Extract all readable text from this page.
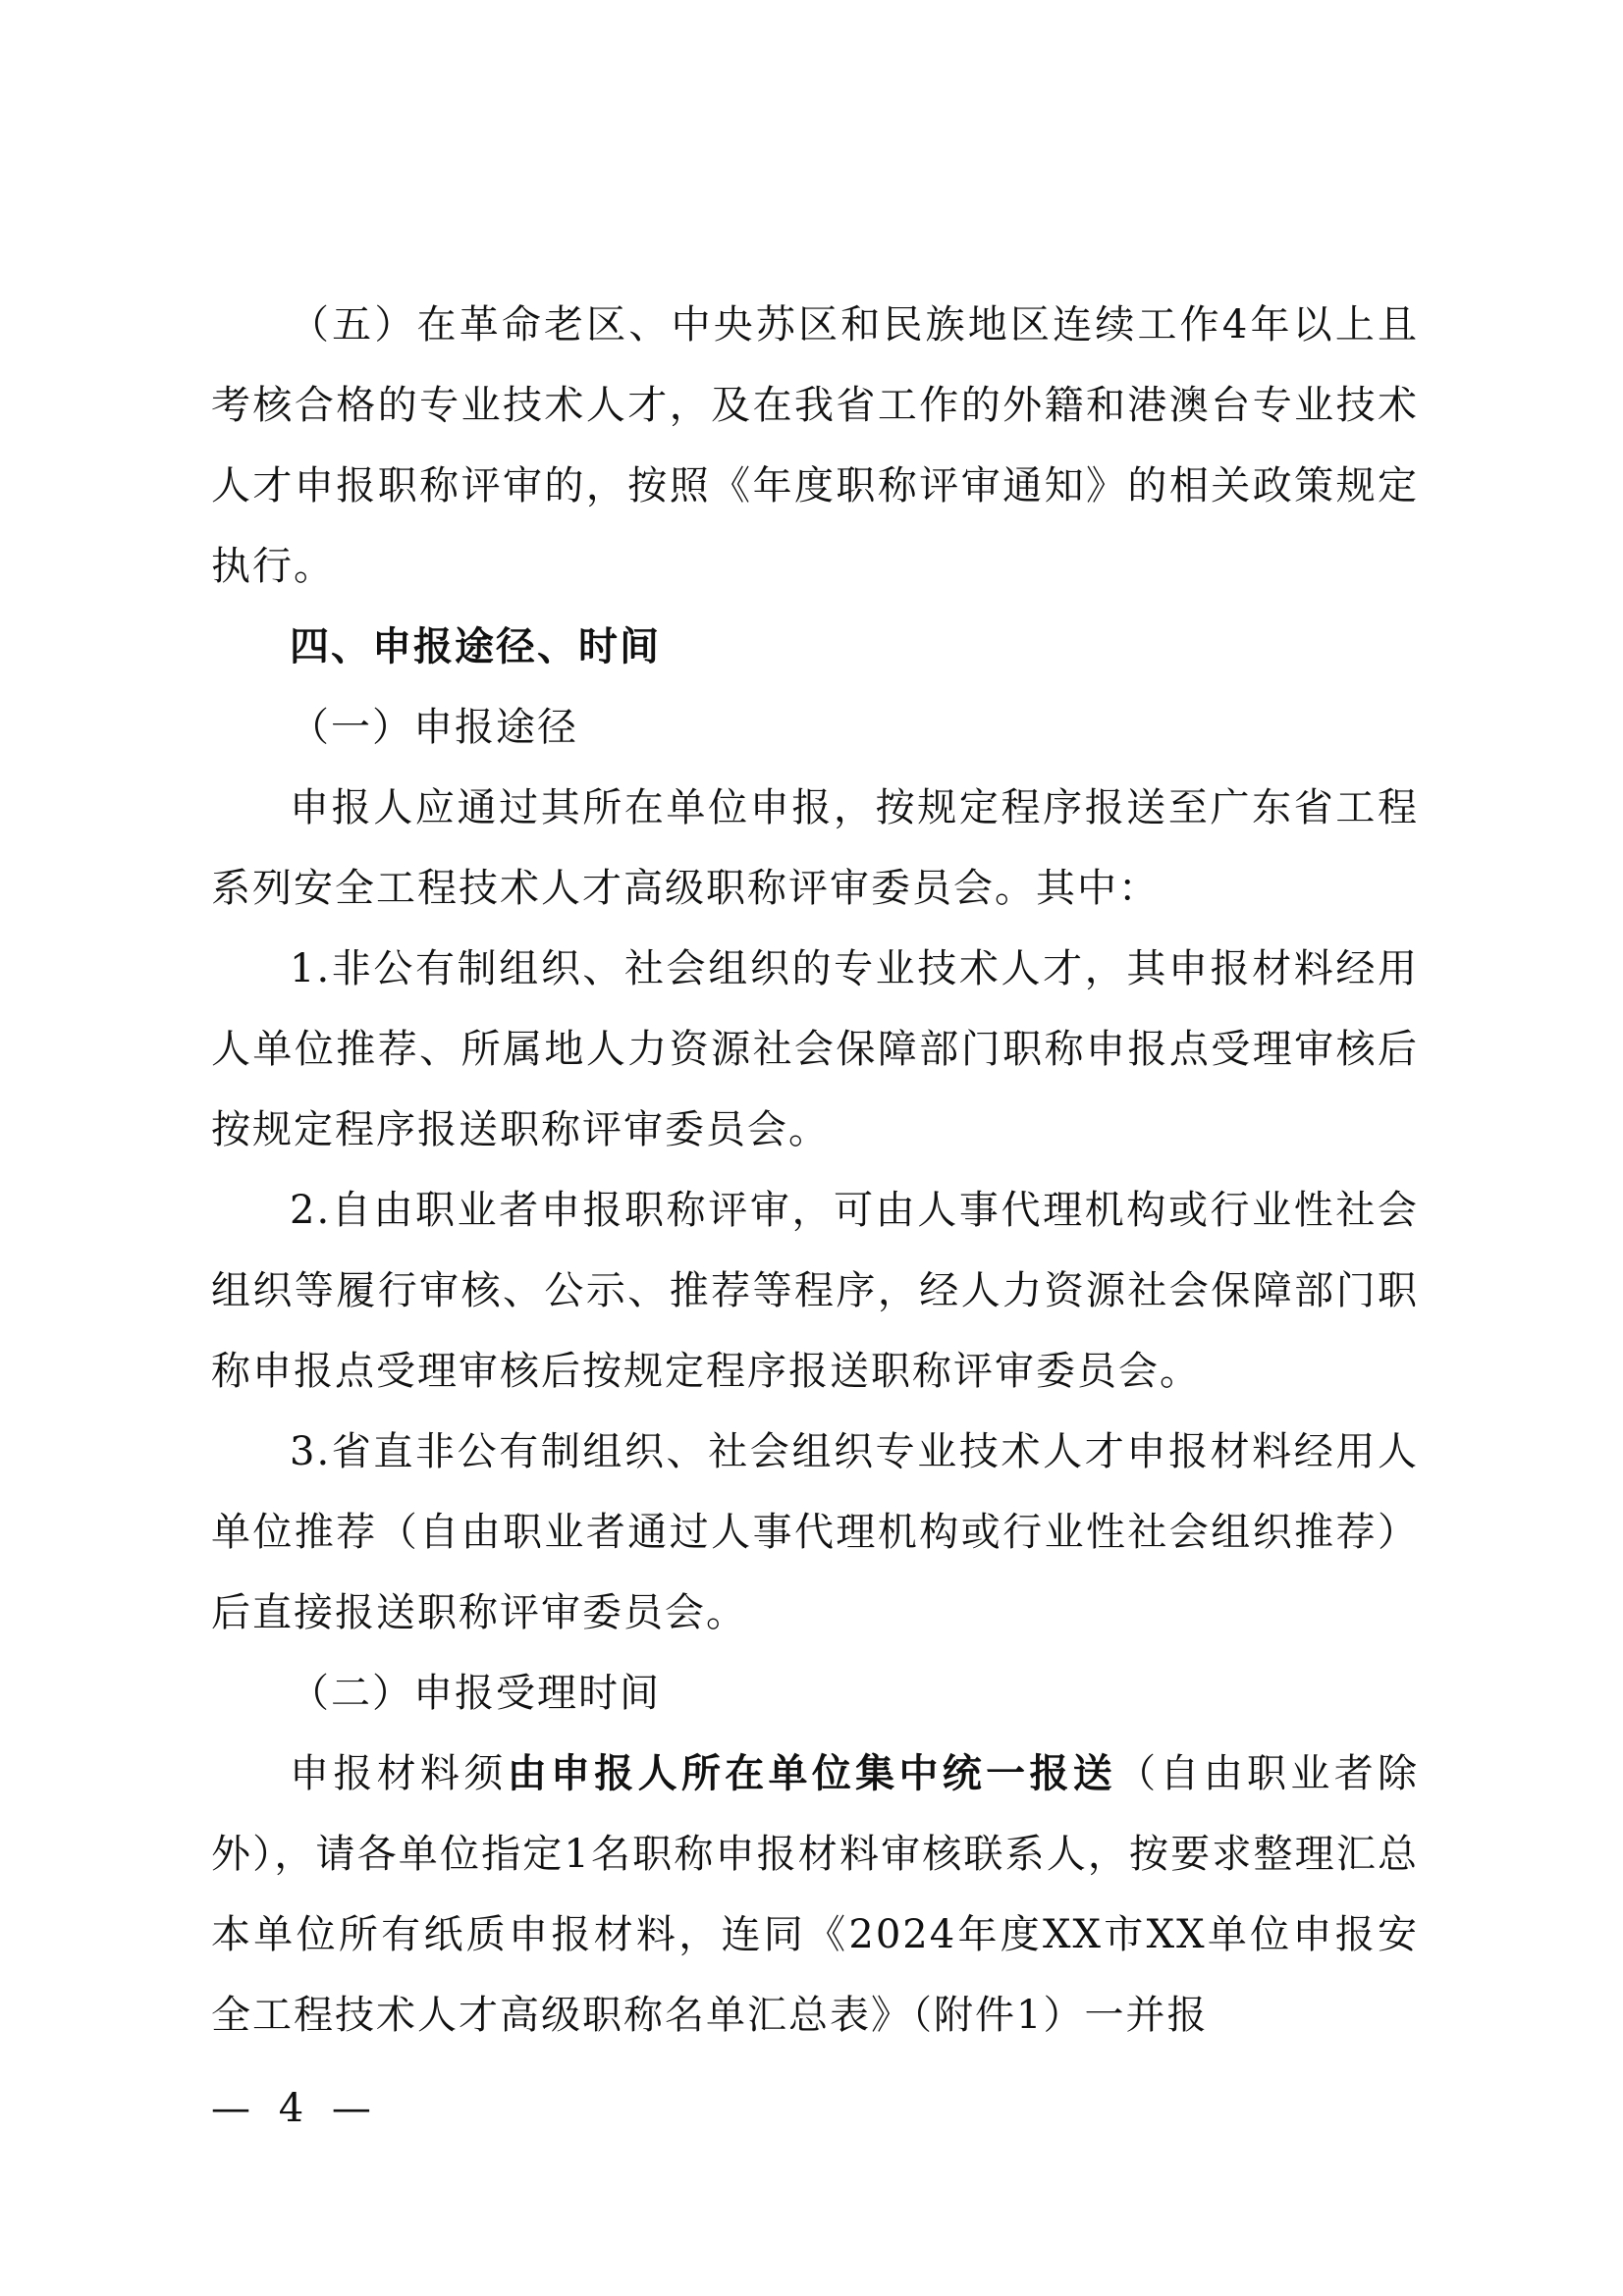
（五）在革命老区、中央苏区和民族地区连续工作4年以上且考核合格的专业技术人才，及在我省工作的外籍和港澳台专业技术人才申报职称评审的，按照《年度职称评审通知》的相关政策规定执行。

四、申报途径、时间

（一）申报途径

申报人应通过其所在单位申报，按规定程序报送至广东省工程系列安全工程技术人才高级职称评审委员会。其中：

1.非公有制组织、社会组织的专业技术人才，其申报材料经用人单位推荐、所属地人力资源社会保障部门职称申报点受理审核后按规定程序报送职称评审委员会。

2.自由职业者申报职称评审，可由人事代理机构或行业性社会组织等履行审核、公示、推荐等程序，经人力资源社会保障部门职称申报点受理审核后按规定程序报送职称评审委员会。

3.省直非公有制组织、社会组织专业技术人才申报材料经用人单位推荐（自由职业者通过人事代理机构或行业性社会组织推荐）后直接报送职称评审委员会。

（二）申报受理时间

申报材料须由申报人所在单位集中统一报送（自由职业者除外），请各单位指定1名职称申报材料审核联系人，按要求整理汇总本单位所有纸质申报材料，连同《2024年度XX市XX单位申报安全工程技术人才高级职称名单汇总表》（附件1）一并报

— 4 —
